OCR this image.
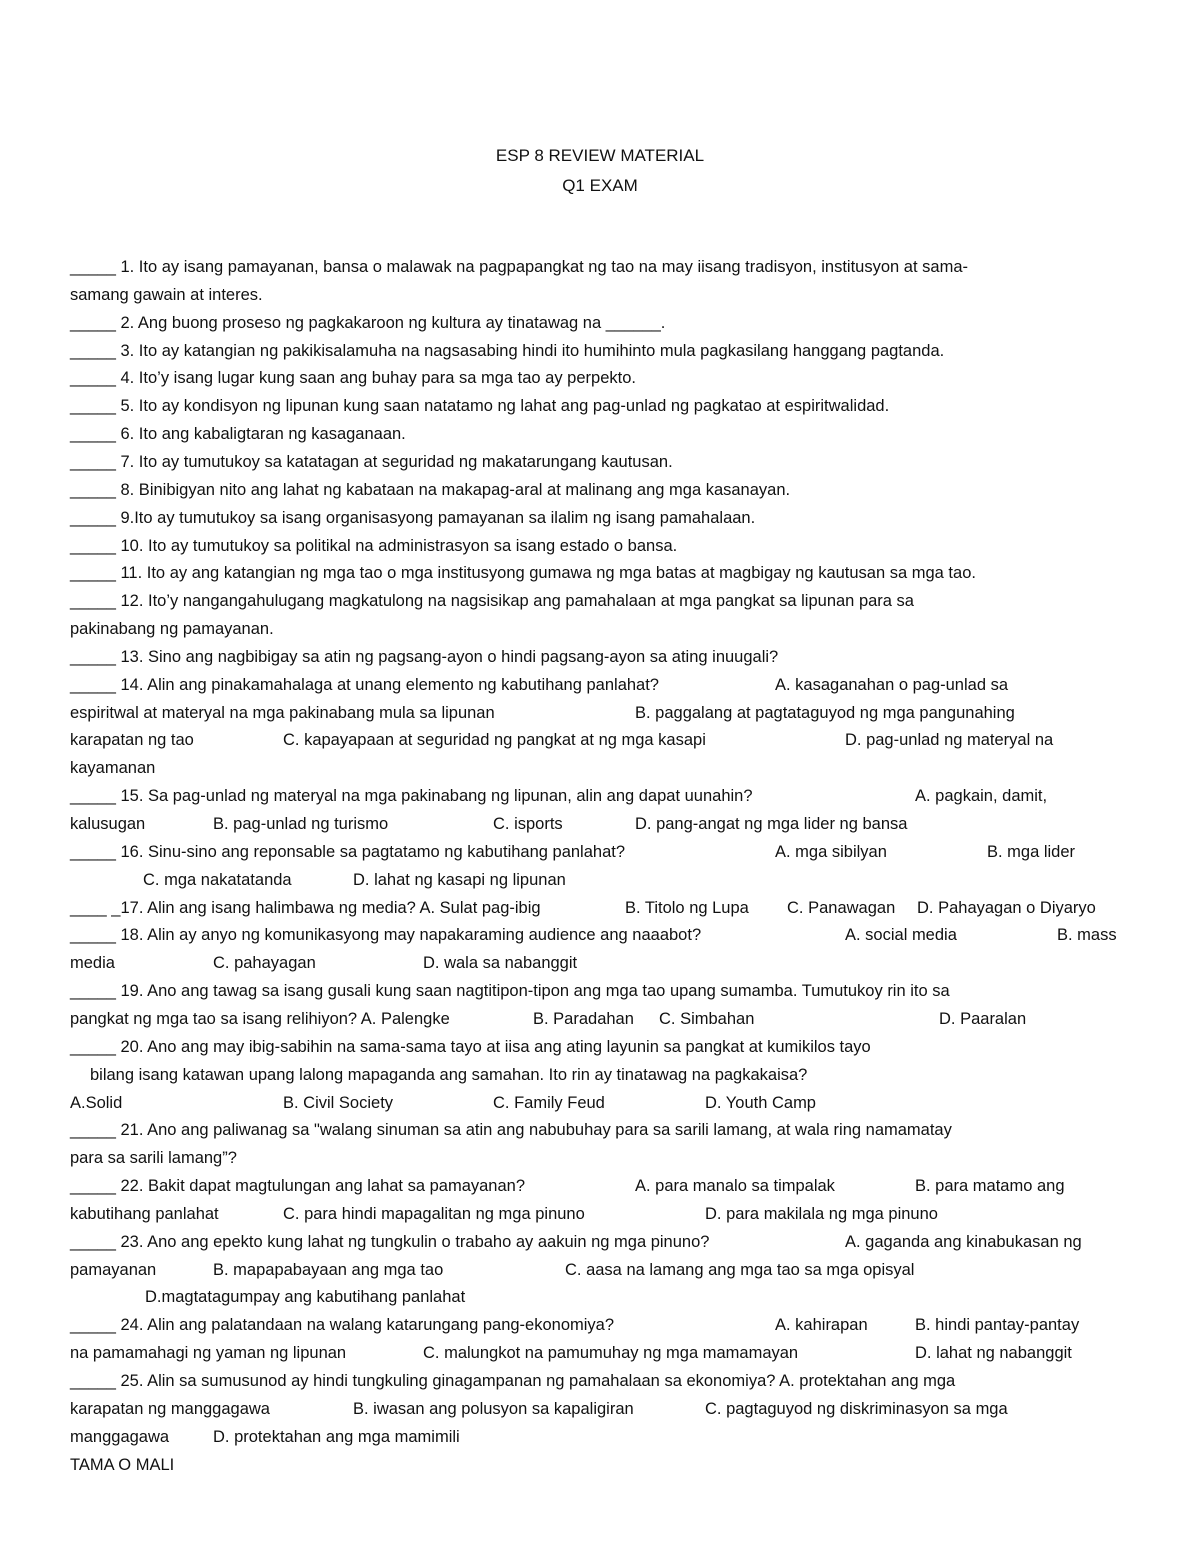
ESP 8 REVIEW MATERIAL
Q1 EXAM
_____ 1. Ito ay isang pamayanan, bansa o malawak na pagpapangkat ng tao na may iisang tradisyon, institusyon at sama-
samang gawain at interes.
_____ 2. Ang buong proseso ng pagkakaroon ng kultura ay tinatawag na ______.
_____ 3. Ito ay katangian ng pakikisalamuha na nagsasabing hindi ito humihinto mula pagkasilang hanggang pagtanda.
_____ 4. Ito’y isang lugar kung saan ang buhay para sa mga tao ay perpekto.
_____ 5. Ito ay kondisyon ng lipunan kung saan natatamo ng lahat ang pag-unlad ng pagkatao at espiritwalidad.
_____ 6. Ito ang kabaligtaran ng kasaganaan.
_____ 7. Ito ay tumutukoy sa katatagan at seguridad ng makatarungang kautusan.
_____ 8. Binibigyan nito ang lahat ng kabataan na makapag-aral at malinang ang mga kasanayan.
_____ 9.Ito ay tumutukoy sa isang organisasyong pamayanan sa ilalim ng isang pamahalaan.
_____ 10. Ito ay tumutukoy sa politikal na administrasyon sa isang estado o bansa.
_____ 11. Ito ay ang katangian ng mga tao o mga institusyong gumawa ng mga batas at magbigay ng kautusan sa mga tao.
_____ 12. Ito’y nangangahulugang magkatulong na nagsisikap ang pamahalaan at mga pangkat sa lipunan para sa
pakinabang ng pamayanan.
_____ 13. Sino ang nagbibigay sa atin ng pagsang-ayon o hindi pagsang-ayon sa ating inuugali?
_____ 14. Alin ang pinakamahalaga at unang elemento ng kabutihang panlahat?	A. kasaganahan o pag-unlad sa
espiritwal at materyal na mga pakinabang mula sa lipunan	B. paggalang at pagtataguyod ng mga pangunahing
karapatan ng tao	C. kapayapaan at seguridad ng pangkat at ng mga kasapi	D. pag-unlad ng materyal na
kayamanan
_____ 15. Sa pag-unlad ng materyal na mga pakinabang ng lipunan, alin ang dapat uunahin?	A. pagkain, damit,
kalusugan	B. pag-unlad ng turismo	C. isports	D. pang-angat ng mga lider ng bansa
_____ 16. Sinu-sino ang reponsable sa pagtatamo ng kabutihang panlahat?	A. mga sibilyan	B. mga lider
C. mga nakatatanda	D. lahat ng kasapi ng lipunan
____ _17. Alin ang isang halimbawa ng media? A. Sulat pag-ibig	B. Titolo ng Lupa C. Panawagan D. Pahayagan o Diyaryo
_____ 18. Alin ay anyo ng komunikasyong may napakaraming audience ang naaabot?	A. social media	B. mass
media	C. pahayagan	D. wala sa nabanggit
_____ 19. Ano ang tawag sa isang gusali kung saan nagtitipon-tipon ang mga tao upang sumamba. Tumutukoy rin ito sa
pangkat ng mga tao sa isang relihiyon? A. Palengke	B. Paradahan C. Simbahan	D. Paaralan
_____ 20. Ano ang may ibig-sabihin na sama-sama tayo at iisa ang ating layunin sa pangkat at kumikilos tayo
bilang isang katawan upang lalong mapaganda ang samahan. Ito rin ay tinatawag na pagkakaisa?
A.Solid	B. Civil Society	C. Family Feud	D. Youth Camp
_____ 21. Ano ang paliwanag sa "walang sinuman sa atin ang nabubuhay para sa sarili lamang, at wala ring namamatay
para sa sarili lamang”?
_____ 22. Bakit dapat magtulungan ang lahat sa pamayanan?	A. para manalo sa timpalak	B. para matamo ang
kabutihang panlahat	C. para hindi mapagalitan ng mga pinuno	D. para makilala ng mga pinuno
_____ 23. Ano ang epekto kung lahat ng tungkulin o trabaho ay aakuin ng mga pinuno?	A. gaganda ang kinabukasan ng
pamayanan	B. mapapabayaan ang mga tao	C. aasa na lamang ang mga tao sa mga opisyal
D.magtatagumpay ang kabutihang panlahat
_____ 24. Alin ang palatandaan na walang katarungang pang-ekonomiya?	A. kahirapan	B. hindi pantay-pantay
na pamamahagi ng yaman ng lipunan	C. malungkot na pamumuhay ng mga mamamayan	D. lahat ng nabanggit
_____ 25. Alin sa sumusunod ay hindi tungkuling ginagampanan ng pamahalaan sa ekonomiya? A. protektahan ang mga
karapatan ng manggagawa	B. iwasan ang polusyon sa kapaligiran	C. pagtaguyod ng diskriminasyon sa mga
manggagawa	D. protektahan ang mga mamimili
TAMA O MALI
